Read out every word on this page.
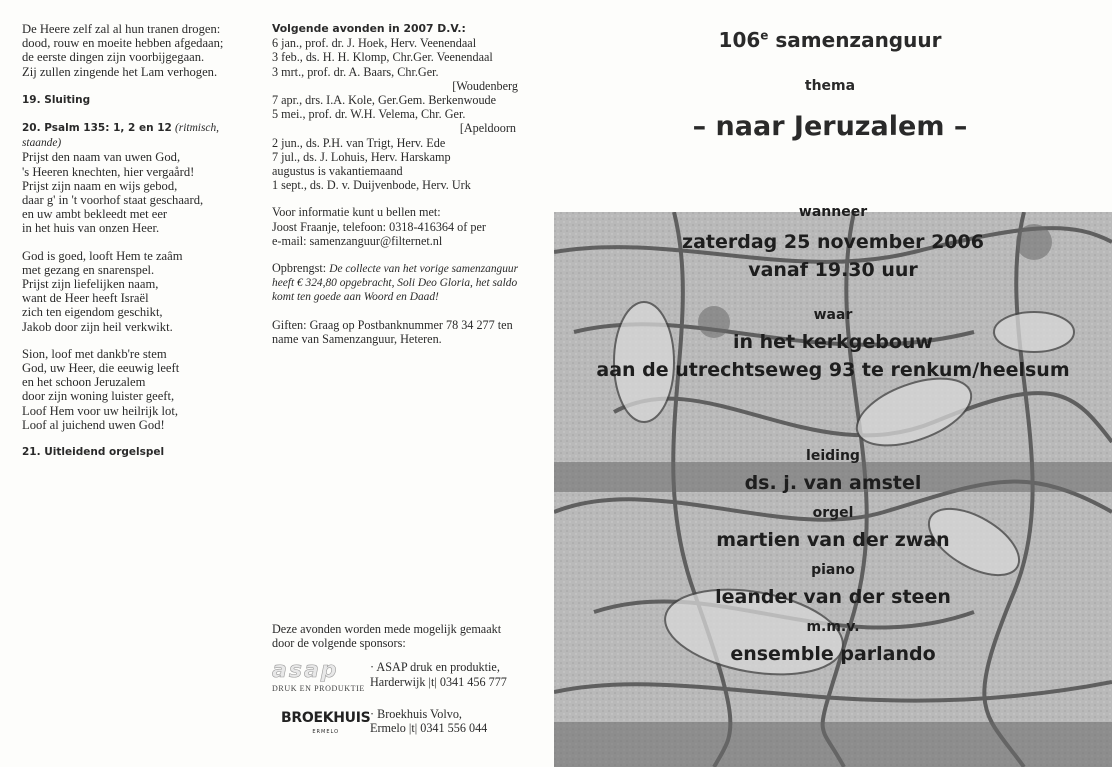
De Heere zelf zal al hun tranen drogen:
dood, rouw en moeite hebben afgedaan;
de eerste dingen zijn voorbijgegaan.
Zij zullen zingende het Lam verhogen.
19. Sluiting
20. Psalm 135: 1, 2 en 12 (ritmisch, staande)
Prijst den naam van uwen God,
's Heeren knechten, hier vergaård!
Prijst zijn naam en wijs gebod,
daar g' in 't voorhof staat geschaard,
en uw ambt bekleedt met eer
in het huis van onzen Heer.
God is goed, looft Hem te zaâm
met gezang en snarenspel.
Prijst zijn liefelijken naam,
want de Heer heeft Israël
zich ten eigendom geschikt,
Jakob door zijn heil verkwikt.
Sion, loof met dankb're stem
God, uw Heer, die eeuwig leeft
en het schoon Jeruzalem
door zijn woning luister geeft,
Loof Hem voor uw heilrijk lot,
Loof al juichend uwen God!
21. Uitleidend orgelspel
Volgende avonden in 2007 D.V.:
6 jan., prof. dr. J. Hoek, Herv. Veenendaal
3 feb., ds. H. H. Klomp, Chr.Ger. Veenendaal
3 mrt., prof. dr. A. Baars, Chr.Ger.
[Woudenberg
7 apr., drs. I.A. Kole, Ger.Gem. Berkenwoude
5 mei., prof. dr. W.H. Velema, Chr. Ger.
[Apeldoorn
2 jun., ds. P.H. van Trigt, Herv. Ede
7 jul., ds. J. Lohuis, Herv. Harskamp
augustus is vakantiemaand
1 sept., ds. D. v. Duijvenbode, Herv. Urk
Voor informatie kunt u bellen met:
Joost Fraanje, telefoon: 0318-416364 of per
e-mail: samenzanguur@filternet.nl
Opbrengst: De collecte van het vorige samenzanguur
heeft € 324,80 opgebracht, Soli Deo Gloria, het saldo
komt ten goede aan Woord en Daad!
Giften: Graag op Postbanknummer 78 34 277 ten
name van Samenzanguur, Heteren.
Deze avonden worden mede mogelijk gemaakt
door de volgende sponsors:
asap
DRUK EN PRODUKTIE
· ASAP druk en produktie,
Harderwijk |t| 0341 456 777
BROEKHUIS
ERMELO
· Broekhuis Volvo,
Ermelo |t| 0341 556 044
106e samenzanguur
thema
– naar Jeruzalem –
wanneer
zaterdag 25 november 2006
vanaf 19.30 uur
waar
in het kerkgebouw
aan de utrechtseweg 93 te renkum/heelsum
leiding
ds. j. van amstel
orgel
martien van der zwan
piano
leander van der steen
m.m.v.
ensemble parlando
